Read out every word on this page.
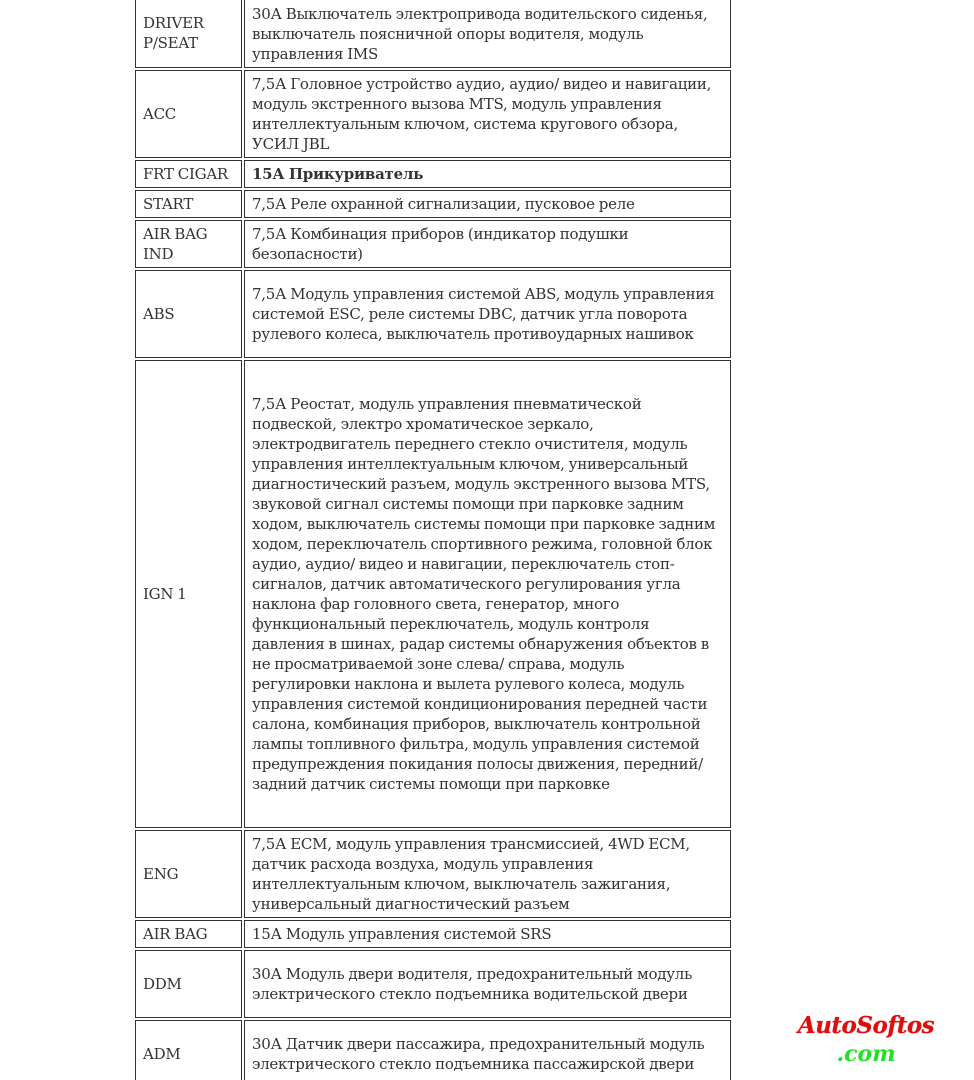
DRIVER P/SEAT	30А Выключатель электропривода водительского сиденья, выключатель поясничной опоры водителя, модуль управления IMS
ACC	7,5А Головное устройство аудио, аудио/ видео и навигации, модуль экстренного вызова MTS, модуль управления интеллектуальным ключом, система кругового обзора, УСИЛ JBL
FRT CIGAR	15А Прикуриватель
START	7,5А Реле охранной сигнализации, пусковое реле
AIR BAG IND	7,5А Комбинация приборов (индикатор подушки безопасности)
ABS	7,5А Модуль управления системой ABS, модуль управления системой ESC, реле системы DBC, датчик угла поворота рулевого колеса, выключатель противоударных нашивок
IGN 1	7,5А Реостат, модуль управления пневматической подвеской, электро хроматическое зеркало, электродвигатель переднего стекло очистителя, модуль управления интеллектуальным ключом, универсальный диагностический разъем, модуль экстренного вызова MTS, звуковой сигнал системы помощи при парковке задним ходом, выключатель системы помощи при парковке задним ходом, переключатель спортивного режима, головной блок аудио, аудио/ видео и навигации, переключатель стоп- сигналов, датчик автоматического регулирования угла наклона фар головного света, генератор, много функциональный переключатель, модуль контроля давления в шинах, радар системы обнаружения объектов в не просматриваемой зоне слева/ справа, модуль регулировки наклона и вылета рулевого колеса, модуль управления системой кондиционирования передней части салона, комбинация приборов, выключатель контрольной лампы топливного фильтра, модуль управления системой предупреждения покидания полосы движения, передний/ задний датчик системы помощи при парковке
ENG	7,5А ECM, модуль управления трансмиссией, 4WD ECM, датчик расхода воздуха, модуль управления интеллектуальным ключом, выключатель зажигания, универсальный диагностический разъем
AIR BAG	15А Модуль управления системой SRS
DDM	30А Модуль двери водителя, предохранительный модуль электрического стекло подъемника водительской двери
ADM	30А Датчик двери пассажира, предохранительный модуль электрического стекло подъемника пассажирской двери
AutoSoftos
.com
